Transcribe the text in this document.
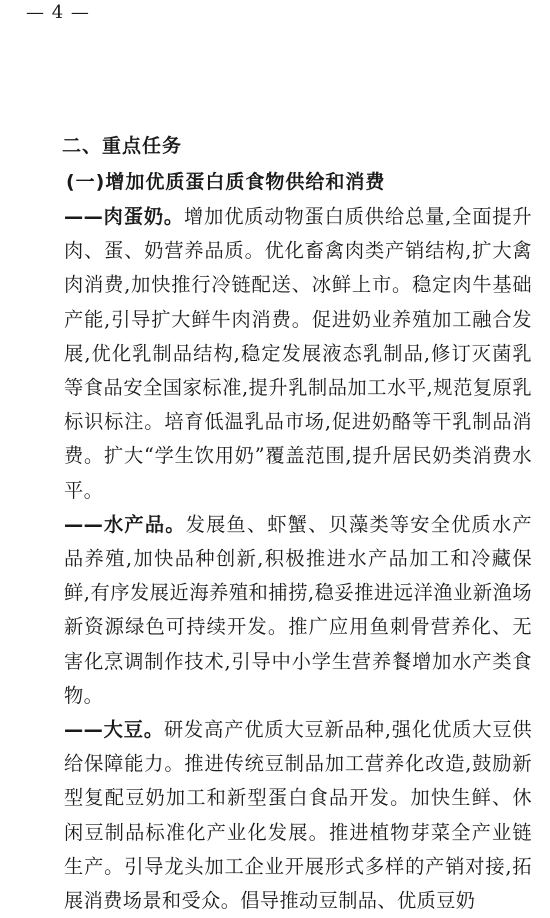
— 4 —
二、重点任务
(一)增加优质蛋白质食物供给和消费

——肉蛋奶。增加优质动物蛋白质供给总量,全面提升肉、蛋、奶营养品质。优化畜禽肉类产销结构,扩大禽肉消费,加快推行冷链配送、冰鲜上市。稳定肉牛基础产能,引导扩大鲜牛肉消费。促进奶业养殖加工融合发展,优化乳制品结构,稳定发展液态乳制品,修订灭菌乳等食品安全国家标准,提升乳制品加工水平,规范复原乳标识标注。培育低温乳品市场,促进奶酪等干乳制品消费。扩大“学生饮用奶”覆盖范围,提升居民奶类消费水平。

——水产品。发展鱼、虾蟹、贝藻类等安全优质水产品养殖,加快品种创新,积极推进水产品加工和冷藏保鲜,有序发展近海养殖和捕捞,稳妥推进远洋渔业新渔场新资源绿色可持续开发。推广应用鱼刺骨营养化、无害化烹调制作技术,引导中小学生营养餐增加水产类食物。

——大豆。研发高产优质大豆新品种,强化优质大豆供给保障能力。推进传统豆制品加工营养化改造,鼓励新型复配豆奶加工和新型蛋白食品开发。加快生鲜、休闲豆制品标准化产业化发展。推进植物芽菜全产业链生产。引导龙头加工企业开展形式多样的产销对接,拓展消费场景和受众。倡导推动豆制品、优质豆奶
